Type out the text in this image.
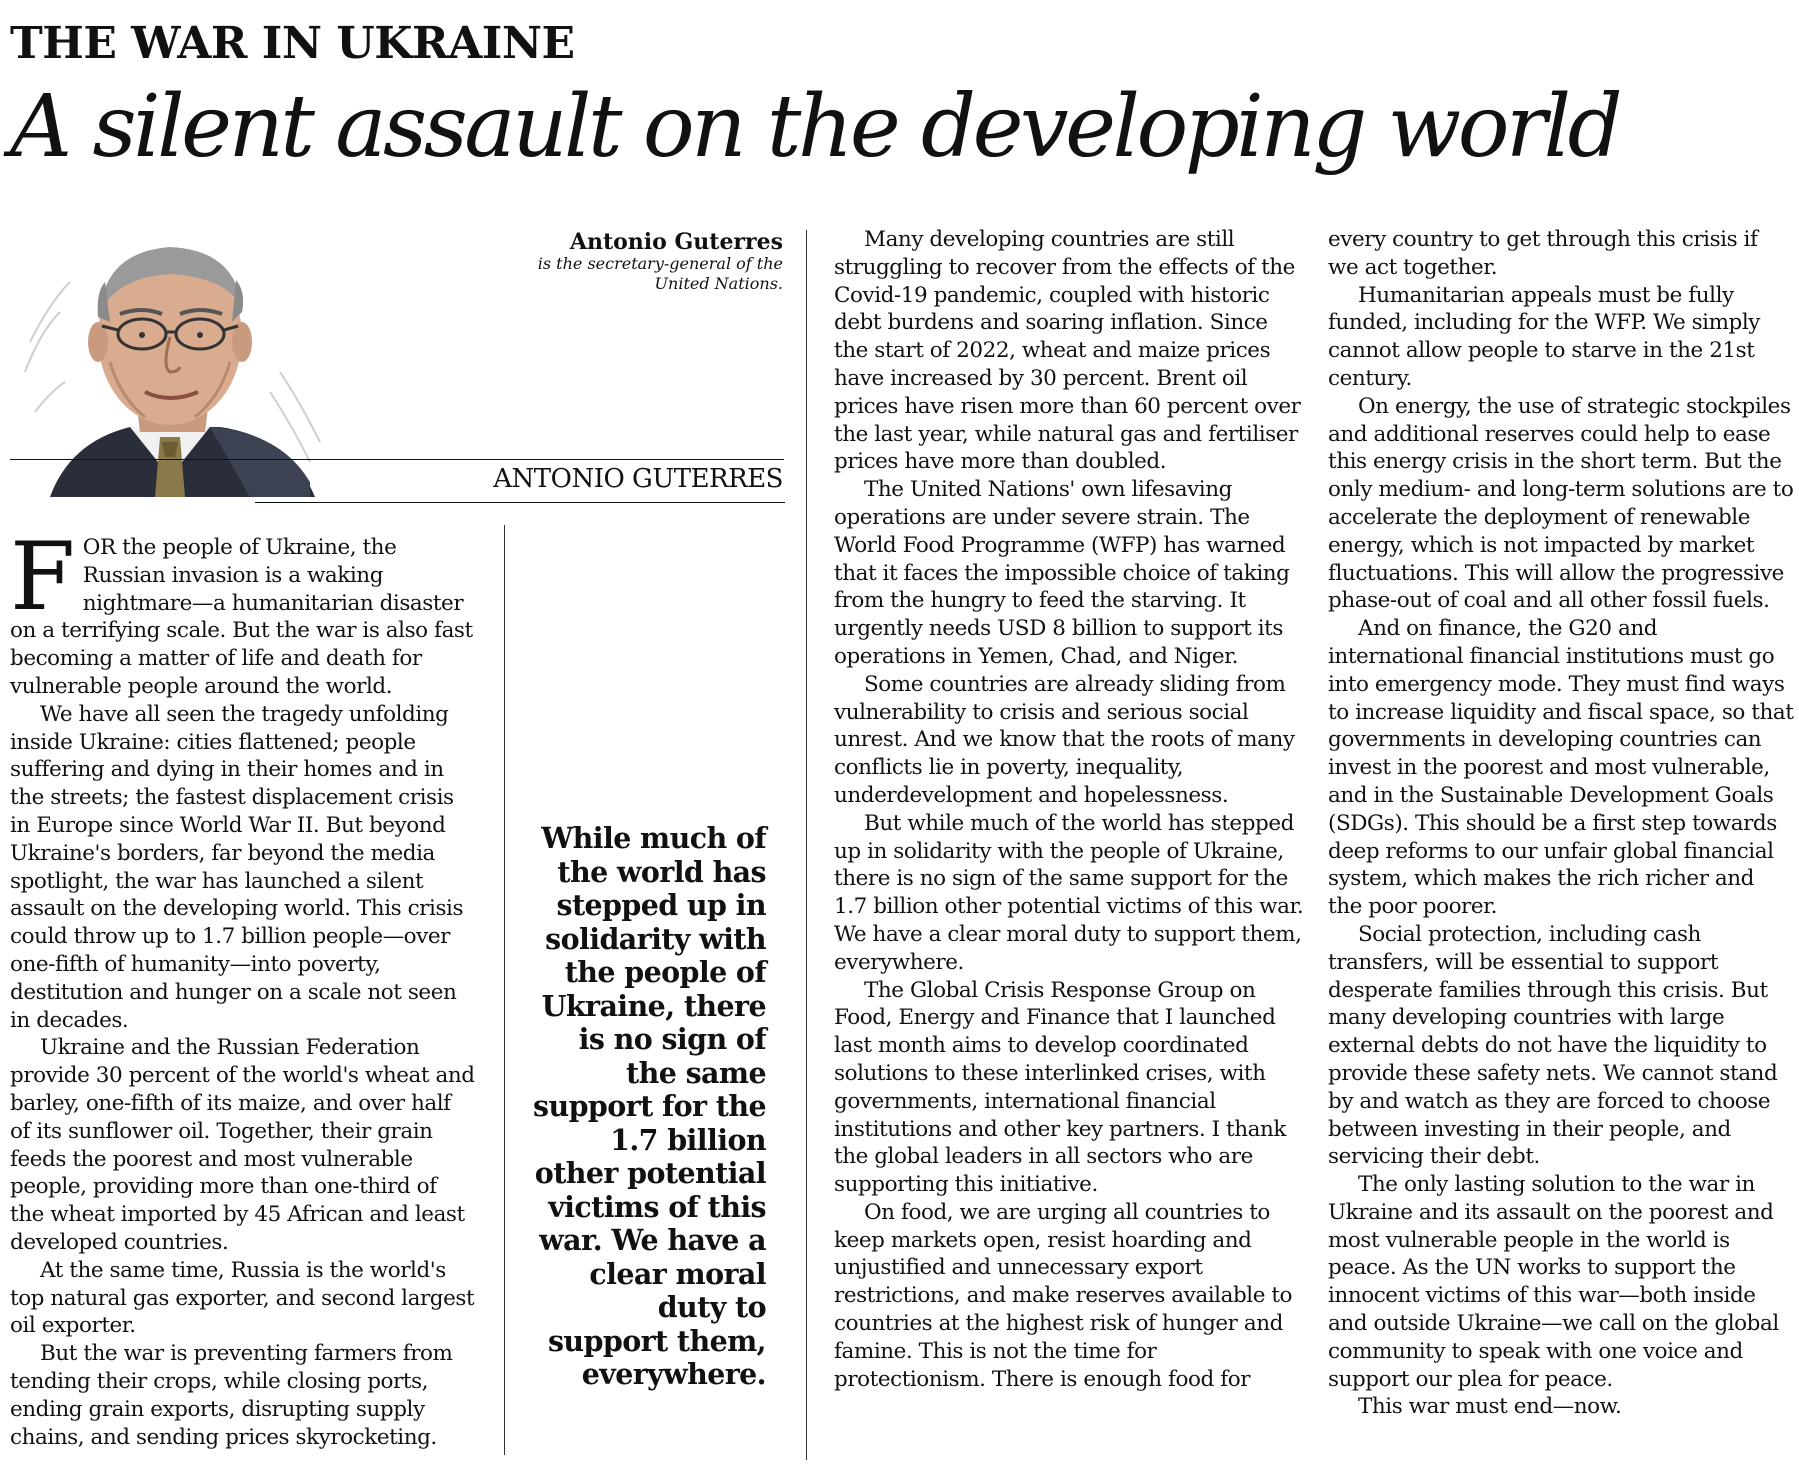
THE WAR IN UKRAINE
A silent assault on the developing world
Antonio Guterres
is the secretary-general of the United Nations.
ANTONIO GUTERRES

FOR the people of Ukraine, the Russian invasion is a waking nightmare—a humanitarian disaster on a terrifying scale. But the war is also fast becoming a matter of life and death for vulnerable people around the world.

We have all seen the tragedy unfolding inside Ukraine: cities flattened; people suffering and dying in their homes and in the streets; the fastest displacement crisis in Europe since World War II. But beyond Ukraine's borders, far beyond the media spotlight, the war has launched a silent assault on the developing world. This crisis could throw up to 1.7 billion people—over one-fifth of humanity—into poverty, destitution and hunger on a scale not seen in decades.

Ukraine and the Russian Federation provide 30 percent of the world's wheat and barley, one-fifth of its maize, and over half of its sunflower oil. Together, their grain feeds the poorest and most vulnerable people, providing more than one-third of the wheat imported by 45 African and least developed countries.

At the same time, Russia is the world's top natural gas exporter, and second largest oil exporter.

But the war is preventing farmers from tending their crops, while closing ports, ending grain exports, disrupting supply chains, and sending prices skyrocketing.

While much of the world has stepped up in solidarity with the people of Ukraine, there is no sign of the same support for the 1.7 billion other potential victims of this war. We have a clear moral duty to support them, everywhere.

Many developing countries are still struggling to recover from the effects of the Covid-19 pandemic, coupled with historic debt burdens and soaring inflation. Since the start of 2022, wheat and maize prices have increased by 30 percent. Brent oil prices have risen more than 60 percent over the last year, while natural gas and fertiliser prices have more than doubled.

The United Nations' own lifesaving operations are under severe strain. The World Food Programme (WFP) has warned that it faces the impossible choice of taking from the hungry to feed the starving. It urgently needs USD 8 billion to support its operations in Yemen, Chad, and Niger.

Some countries are already sliding from vulnerability to crisis and serious social unrest. And we know that the roots of many conflicts lie in poverty, inequality, underdevelopment and hopelessness.

But while much of the world has stepped up in solidarity with the people of Ukraine, there is no sign of the same support for the 1.7 billion other potential victims of this war. We have a clear moral duty to support them, everywhere.

The Global Crisis Response Group on Food, Energy and Finance that I launched last month aims to develop coordinated solutions to these interlinked crises, with governments, international financial institutions and other key partners. I thank the global leaders in all sectors who are supporting this initiative.

On food, we are urging all countries to keep markets open, resist hoarding and unjustified and unnecessary export restrictions, and make reserves available to countries at the highest risk of hunger and famine. This is not the time for protectionism. There is enough food for

every country to get through this crisis if we act together.

Humanitarian appeals must be fully funded, including for the WFP. We simply cannot allow people to starve in the 21st century.

On energy, the use of strategic stockpiles and additional reserves could help to ease this energy crisis in the short term. But the only medium- and long-term solutions are to accelerate the deployment of renewable energy, which is not impacted by market fluctuations. This will allow the progressive phase-out of coal and all other fossil fuels.

And on finance, the G20 and international financial institutions must go into emergency mode. They must find ways to increase liquidity and fiscal space, so that governments in developing countries can invest in the poorest and most vulnerable, and in the Sustainable Development Goals (SDGs). This should be a first step towards deep reforms to our unfair global financial system, which makes the rich richer and the poor poorer.

Social protection, including cash transfers, will be essential to support desperate families through this crisis. But many developing countries with large external debts do not have the liquidity to provide these safety nets. We cannot stand by and watch as they are forced to choose between investing in their people, and servicing their debt.

The only lasting solution to the war in Ukraine and its assault on the poorest and most vulnerable people in the world is peace. As the UN works to support the innocent victims of this war—both inside and outside Ukraine—we call on the global community to speak with one voice and support our plea for peace.

This war must end—now.
